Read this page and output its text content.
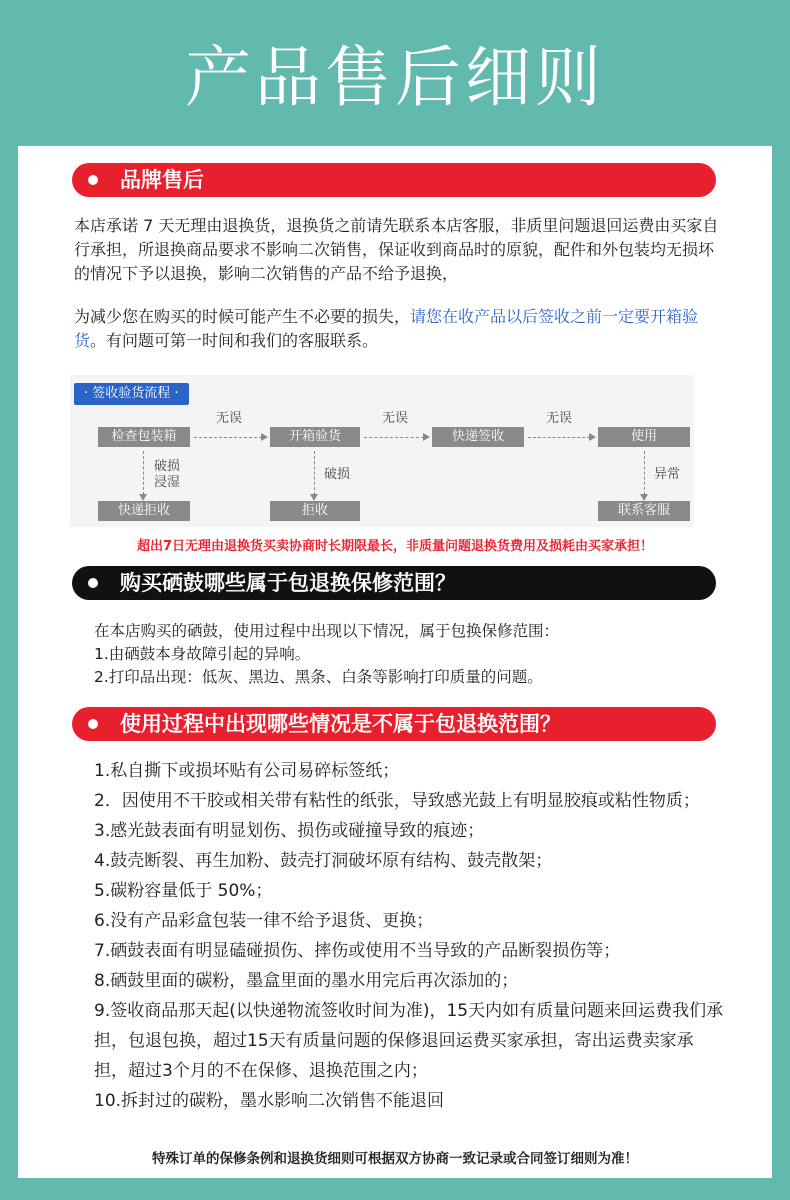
产品售后细则
品牌售后
本店承诺 7 天无理由退换货，退换货之前请先联系本店客服，非质里问题退回运费由买家自行承担，所退换商品要求不影响二次销售，保证收到商品时的原貌，配件和外包装均无损坏的情况下予以退换，影响二次销售的产品不给予退换，
为减少您在购买的时候可能产生不必要的损失，请您在收产品以后签收之前一定要开箱验货。有问题可第一时间和我们的客服联系。
· 签收验货流程 ·
检查包装箱	开箱验货	快递签收	使用
无误	无误	无误
破损
浸湿
破损	异常
快递拒收	拒收	联系客服
超出7日无理由退换货买卖协商时长期限最长，非质量问题退换货费用及损耗由买家承担！
购买硒鼓哪些属于包退换保修范围？
在本店购买的硒鼓，使用过程中出现以下情况，属于包换保修范围：
1.由硒鼓本身故障引起的异响。
2.打印品出现：低灰、黑边、黑条、白条等影响打印质量的问题。
使用过程中出现哪些情况是不属于包退换范围？
1.私自撕下或损坏贴有公司易碎标签纸；
2．因使用不干胶或相关带有粘性的纸张，导致感光鼓上有明显胶痕或粘性物质；
3.感光鼓表面有明显划伤、损伤或碰撞导致的痕迹；
4.鼓壳断裂、再生加粉、鼓壳打洞破坏原有结构、鼓壳散架；
5.碳粉容量低于 50%；
6.没有产品彩盒包装一律不给予退货、更换；
7.硒鼓表面有明显磕碰损伤、摔伤或使用不当导致的产品断裂损伤等；
8.硒鼓里面的碳粉，墨盒里面的墨水用完后再次添加的；
9.签收商品那天起(以快递物流签收时间为准)，15天内如有质量问题来回运费我们承担，包退包换，超过15天有质量问题的保修退回运费买家承担，寄出运费卖家承担，超过3个月的不在保修、退换范围之内；
10.拆封过的碳粉，墨水影响二次销售不能退回
特殊订单的保修条例和退换货细则可根据双方协商一致记录或合同签订细则为准！
